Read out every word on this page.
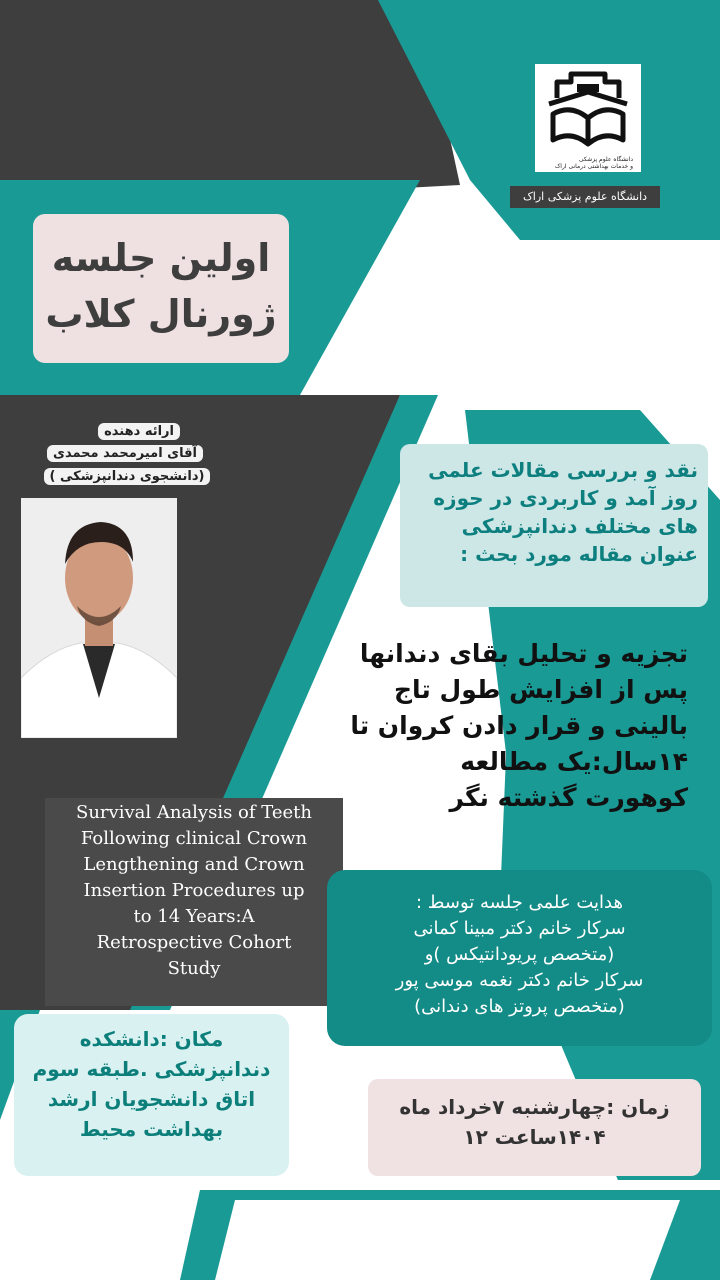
دانشگاه علوم پزشکی
و خدمات بهداشتی درمانی اراک
دانشگاه علوم پزشکی اراک
اولین جلسه
ژورنال کلاب
ارائه دهنده
آقای امیرمحمد محمدی
(دانشجوی دندانپزشکی )	نقد و بررسی مقالات علمی
روز آمد و کاربردی در حوزه
های مختلف دندانپزشکی
عنوان مقاله مورد بحث :
تجزیه و تحلیل بقای دندانها
پس از افزایش طول تاج
بالینی و قرار دادن کروان تا
۱۴سال:یک مطالعه
کوهورت گذشته نگر
Survival Analysis of Teeth
Following clinical Crown
Lengthening and Crown
Insertion Procedures up
to 14 Years:A
Retrospective Cohort
Study
هدایت علمی جلسه توسط :
سرکار خانم دکتر مبینا کمانی
(متخصص پریودانتیکس )و
سرکار خانم دکتر نغمه موسی پور
(متخصص پروتز های دندانی)
مکان :دانشکده
دندانپزشکی .طبقه سوم
اتاق دانشجویان ارشد
بهداشت محیط
زمان :چهارشنبه ۷خرداد ماه
۱۴۰۴ساعت ۱۲
